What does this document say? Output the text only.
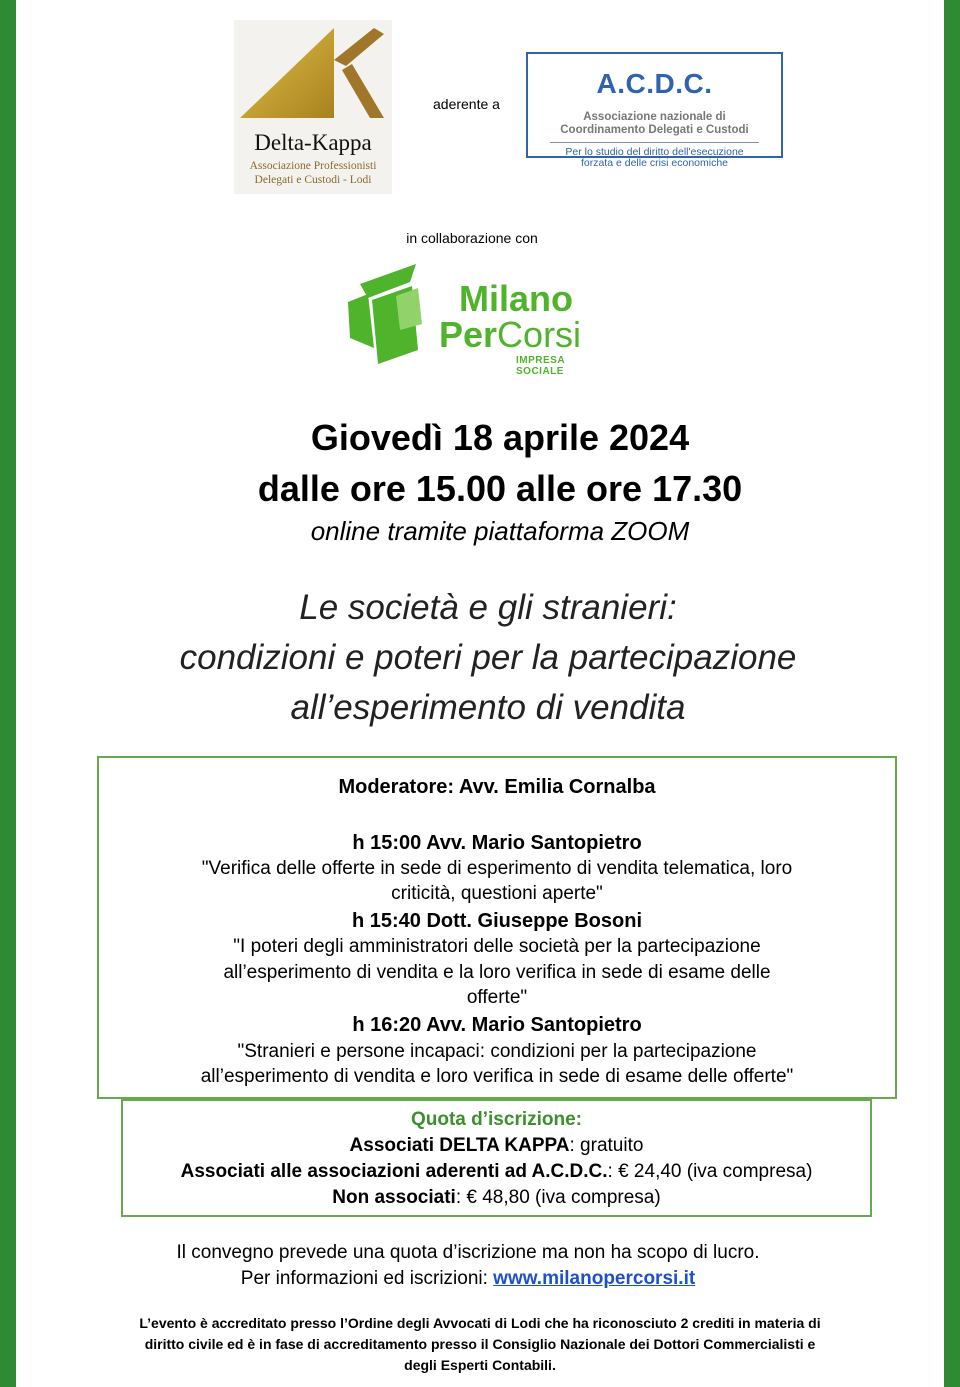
Delta-Kappa
Associazione Professionisti
Delegati e Custodi - Lodi
aderente a
A.C.D.C.
Associazione nazionale di
Coordinamento Delegati e Custodi
Per lo studio del diritto dell'esecuzione
forzata e delle crisi economiche
in collaborazione con
Milano
PerCorsi
IMPRESA SOCIALE
Giovedì 18 aprile 2024
dalle ore 15.00 alle ore 17.30
online tramite piattaforma ZOOM
Le società e gli stranieri:
condizioni e poteri per la partecipazione
all’esperimento di vendita
Moderatore: Avv. Emilia Cornalba
h 15:00 Avv. Mario Santopietro
"Verifica delle offerte in sede di esperimento di vendita telematica, loro
criticità, questioni aperte"
h 15:40 Dott. Giuseppe Bosoni
"I poteri degli amministratori delle società per la partecipazione
all’esperimento di vendita e la loro verifica in sede di esame delle
offerte"
h 16:20 Avv. Mario Santopietro
"Stranieri e persone incapaci: condizioni per la partecipazione
all’esperimento di vendita e loro verifica in sede di esame delle offerte"
Quota d’iscrizione:
Associati DELTA KAPPA: gratuito
Associati alle associazioni aderenti ad A.C.D.C.: € 24,40 (iva compresa)
Non associati: € 48,80 (iva compresa)
Il convegno prevede una quota d’iscrizione ma non ha scopo di lucro.
Per informazioni ed iscrizioni: www.milanopercorsi.it
L’evento è accreditato presso l’Ordine degli Avvocati di Lodi che ha riconosciuto 2 crediti in materia di
diritto civile ed è in fase di accreditamento presso il Consiglio Nazionale dei Dottori Commercialisti e
degli Esperti Contabili.
